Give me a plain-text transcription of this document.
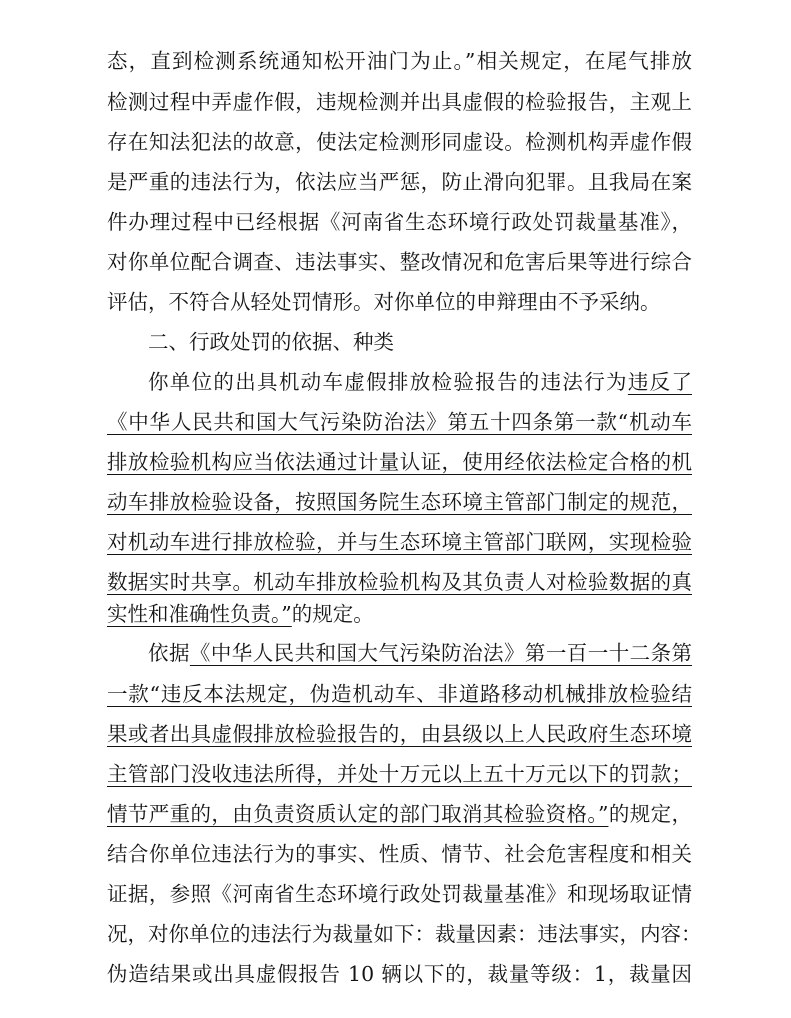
态，直到检测系统通知松开油门为止。”相关规定，在尾气排放
检测过程中弄虚作假，违规检测并出具虚假的检验报告，主观上
存在知法犯法的故意，使法定检测形同虚设。检测机构弄虚作假
是严重的违法行为，依法应当严惩，防止滑向犯罪。且我局在案
件办理过程中已经根据《河南省生态环境行政处罚裁量基准》，
对你单位配合调查、违法事实、整改情况和危害后果等进行综合
评估，不符合从轻处罚情形。对你单位的申辩理由不予采纳。
二、行政处罚的依据、种类
你单位的出具机动车虚假排放检验报告的违法行为违反了
《中华人民共和国大气污染防治法》第五十四条第一款“机动车
排放检验机构应当依法通过计量认证，使用经依法检定合格的机
动车排放检验设备，按照国务院生态环境主管部门制定的规范，
对机动车进行排放检验，并与生态环境主管部门联网，实现检验
数据实时共享。机动车排放检验机构及其负责人对检验数据的真
实性和准确性负责。”的规定。
依据《中华人民共和国大气污染防治法》第一百一十二条第
一款“违反本法规定，伪造机动车、非道路移动机械排放检验结
果或者出具虚假排放检验报告的，由县级以上人民政府生态环境
主管部门没收违法所得，并处十万元以上五十万元以下的罚款；
情节严重的，由负责资质认定的部门取消其检验资格。”的规定，
结合你单位违法行为的事实、性质、情节、社会危害程度和相关
证据，参照《河南省生态环境行政处罚裁量基准》和现场取证情
况，对你单位的违法行为裁量如下：裁量因素：违法事实，内容：
伪造结果或出具虚假报告 10 辆以下的，裁量等级：1，裁量因
